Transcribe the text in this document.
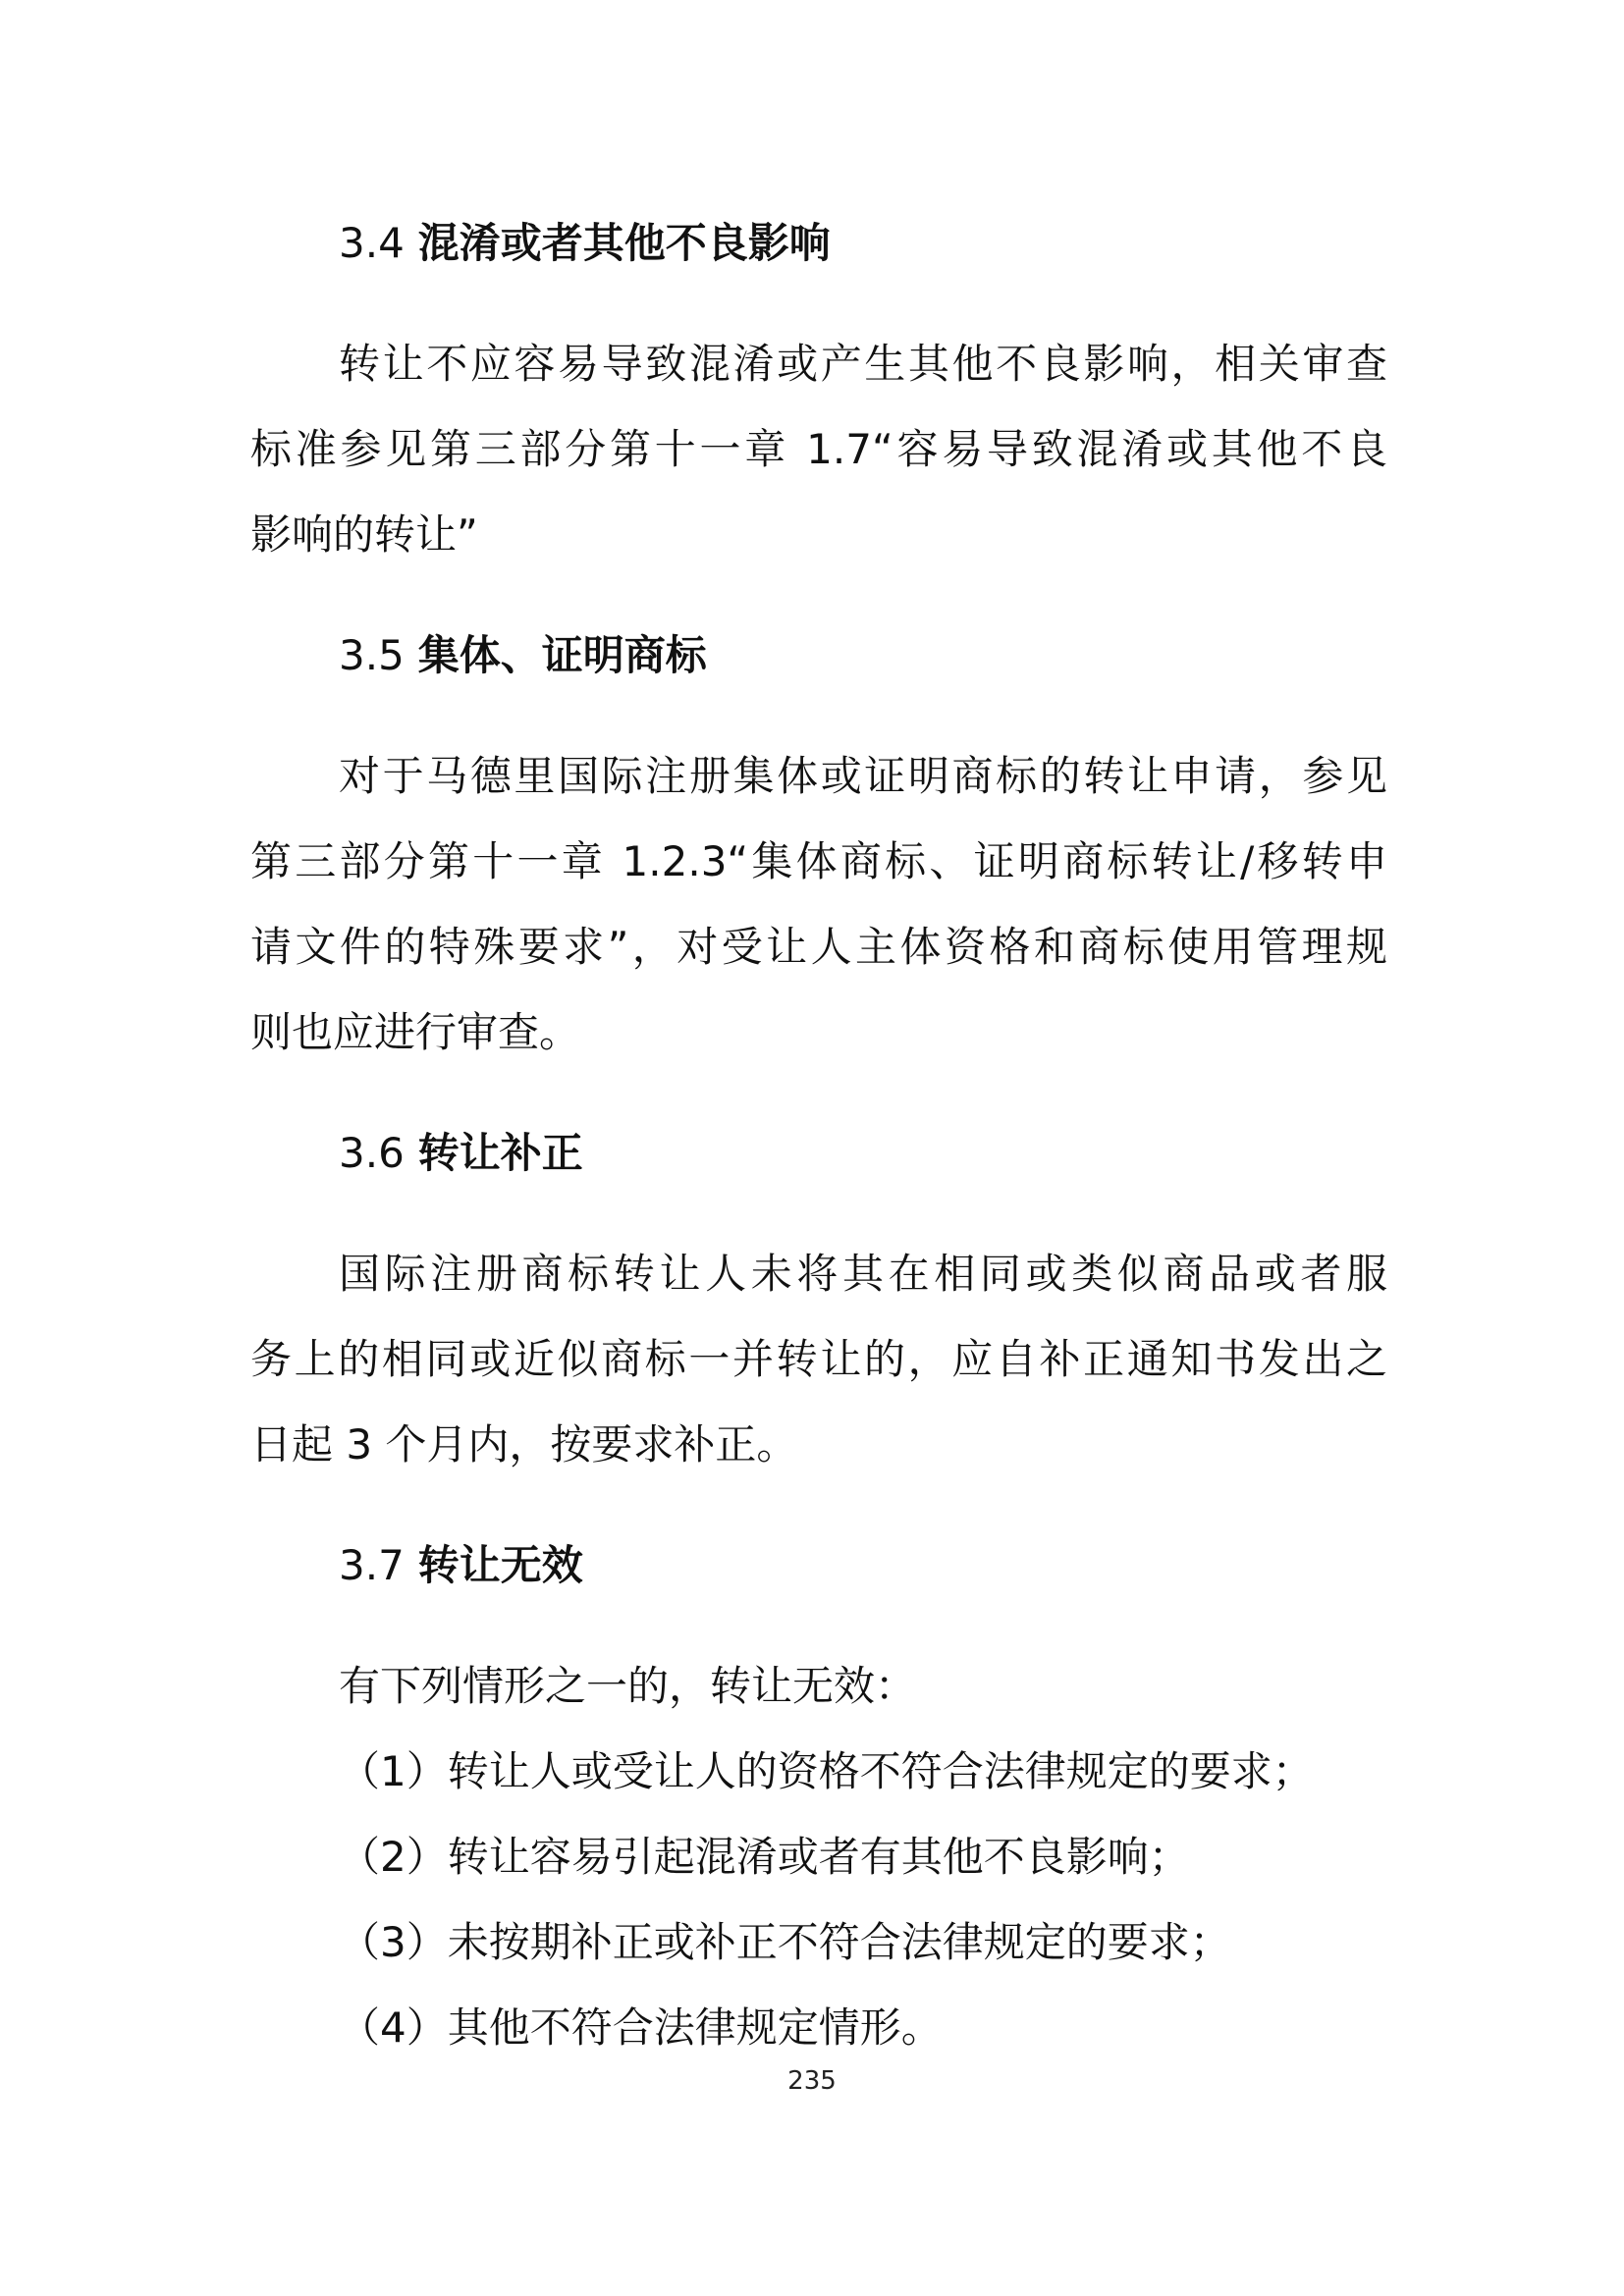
3.4 混淆或者其他不良影响
转让不应容易导致混淆或产生其他不良影响，相关审查
标准参见第三部分第十一章 1.7“容易导致混淆或其他不良
影响的转让”
3.5 集体、证明商标
对于马德里国际注册集体或证明商标的转让申请，参见
第三部分第十一章 1.2.3“集体商标、证明商标转让/移转申
请文件的特殊要求”，对受让人主体资格和商标使用管理规
则也应进行审查。
3.6 转让补正
国际注册商标转让人未将其在相同或类似商品或者服
务上的相同或近似商标一并转让的，应自补正通知书发出之
日起 3 个月内，按要求补正。
3.7 转让无效
有下列情形之一的，转让无效：
（1）转让人或受让人的资格不符合法律规定的要求；
（2）转让容易引起混淆或者有其他不良影响；
（3）未按期补正或补正不符合法律规定的要求；
（4）其他不符合法律规定情形。
235
